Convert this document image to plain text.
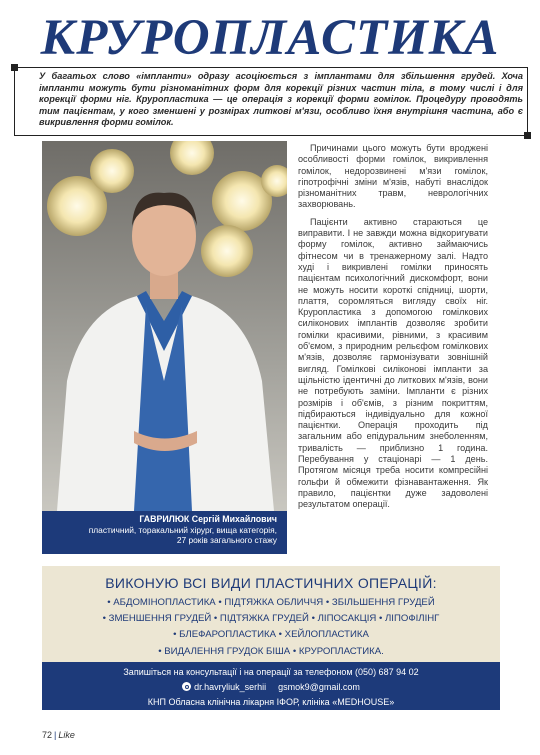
КРУРОПЛАСТИКА
У багатьох слово «імпланти» одразу асоціюється з імплантами для збільшення грудей. Хоча імпланти можуть бути різноманітних форм для корекції різних частин тіла, в тому числі і для корекції форми ніг. Круропластика — це операція з корекції форми гомілок. Процедуру проводять тим пацієнтам, у кого зменшені у розмірах литкові м'язи, особливо їхня внутрішня частина, або є викривлення форми гомілок.
ГАВРИЛЮК Сергій Михайлович
пластичний, торакальний хірург, вища категорія,
27 років загального стажу

Причинами цього можуть бути вроджені особливості форми гомілок, викривлення гомілок, недорозвинені м'язи гомілок, гіпотрофічні зміни м'язів, набуті внаслідок різноманітних травм, неврологічних захворювань.

Пацієнти активно стараються це виправити. І не завжди можна відкоригувати форму гомілок, активно займаючись фітнесом чи в тренажерному залі. Надто худі і викривлені гомілки приносять пацієнтам психологічний дискомфорт, вони не можуть носити короткі спідниці, шорти, плаття, соромляться вигляду своїх ніг. Круропластика з допомогою гомілкових силіконових імплантів дозволяє зробити гомілки красивими, рівними, з красивим об'ємом, з природним рельєфом гомілкових м'язів, дозволяє гармонізувати зовнішній вигляд. Гомілкові силіконові імпланти за щільністю ідентичні до литкових м'язів, вони не потребують заміни. Імпланти є різних розмірів і об'ємів, з різним покриттям, підбираються індивідуально для кожної пацієнтки. Операція проходить під загальним або епідуральним знеболенням, тривалість — приблизно 1 година. Перебування у стаціонарі — 1 день. Протягом місяця треба носити компресійні гольфи й обмежити фізнавантаження. Як правило, пацієнтки дуже задоволені результатом операції.

ВИКОНУЮ ВСІ ВИДИ ПЛАСТИЧНИХ ОПЕРАЦІЙ:
• АБДОМІНОПЛАСТИКА • ПІДТЯЖКА ОБЛИЧЧЯ • ЗБІЛЬШЕННЯ ГРУДЕЙ
• ЗМЕНШЕННЯ ГРУДЕЙ • ПІДТЯЖКА ГРУДЕЙ • ЛІПОСАКЦІЯ • ЛІПОФІЛІНГ
• БЛЕФАРОПЛАСТИКА • ХЕЙЛОПЛАСТИКА
• ВИДАЛЕННЯ ГРУДОК БІША • КРУРОПЛАСТИКА.
Запишіться на консультації і на операції за телефоном (050) 687 94 02
dr.havryliuk_serhii gsmok9@gmail.com
КНП Обласна клінічна лікарня ІФОР, клініка «MEDHOUSE»
72 | Like
